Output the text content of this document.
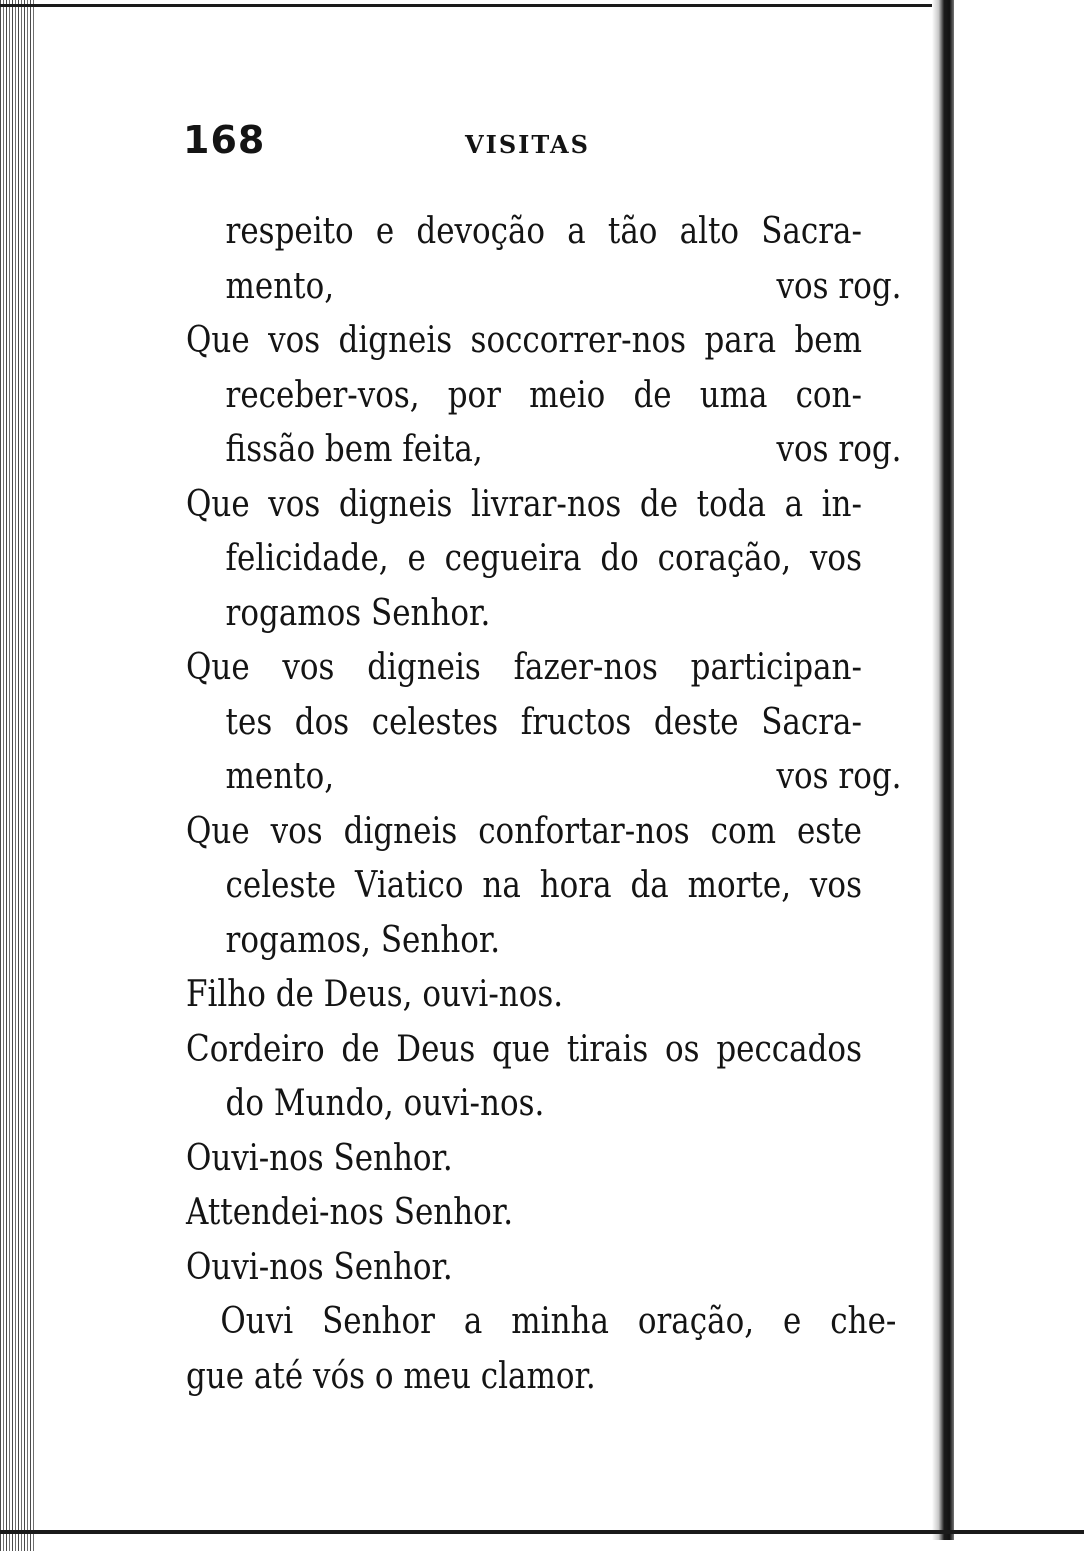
168	VISITAS
respeito e devoção a tão alto Sacra-
mento,	vos rog.
Que vos digneis soccorrer-nos para bem
receber-vos, por meio de uma con-
fissão bem feita,	vos rog.
Que vos digneis livrar-nos de toda a in-
felicidade, e cegueira do coração, vos
rogamos Senhor.
Que vos digneis fazer-nos participan-
tes dos celestes fructos deste Sacra-
mento,	vos rog.
Que vos digneis confortar-nos com este
celeste Viatico na hora da morte, vos
rogamos, Senhor.
Filho de Deus, ouvi-nos.
Cordeiro de Deus que tirais os peccados
do Mundo, ouvi-nos.
Ouvi-nos Senhor.
Attendei-nos Senhor.
Ouvi-nos Senhor.
Ouvi Senhor a minha oração, e che-
gue até vós o meu clamor.
